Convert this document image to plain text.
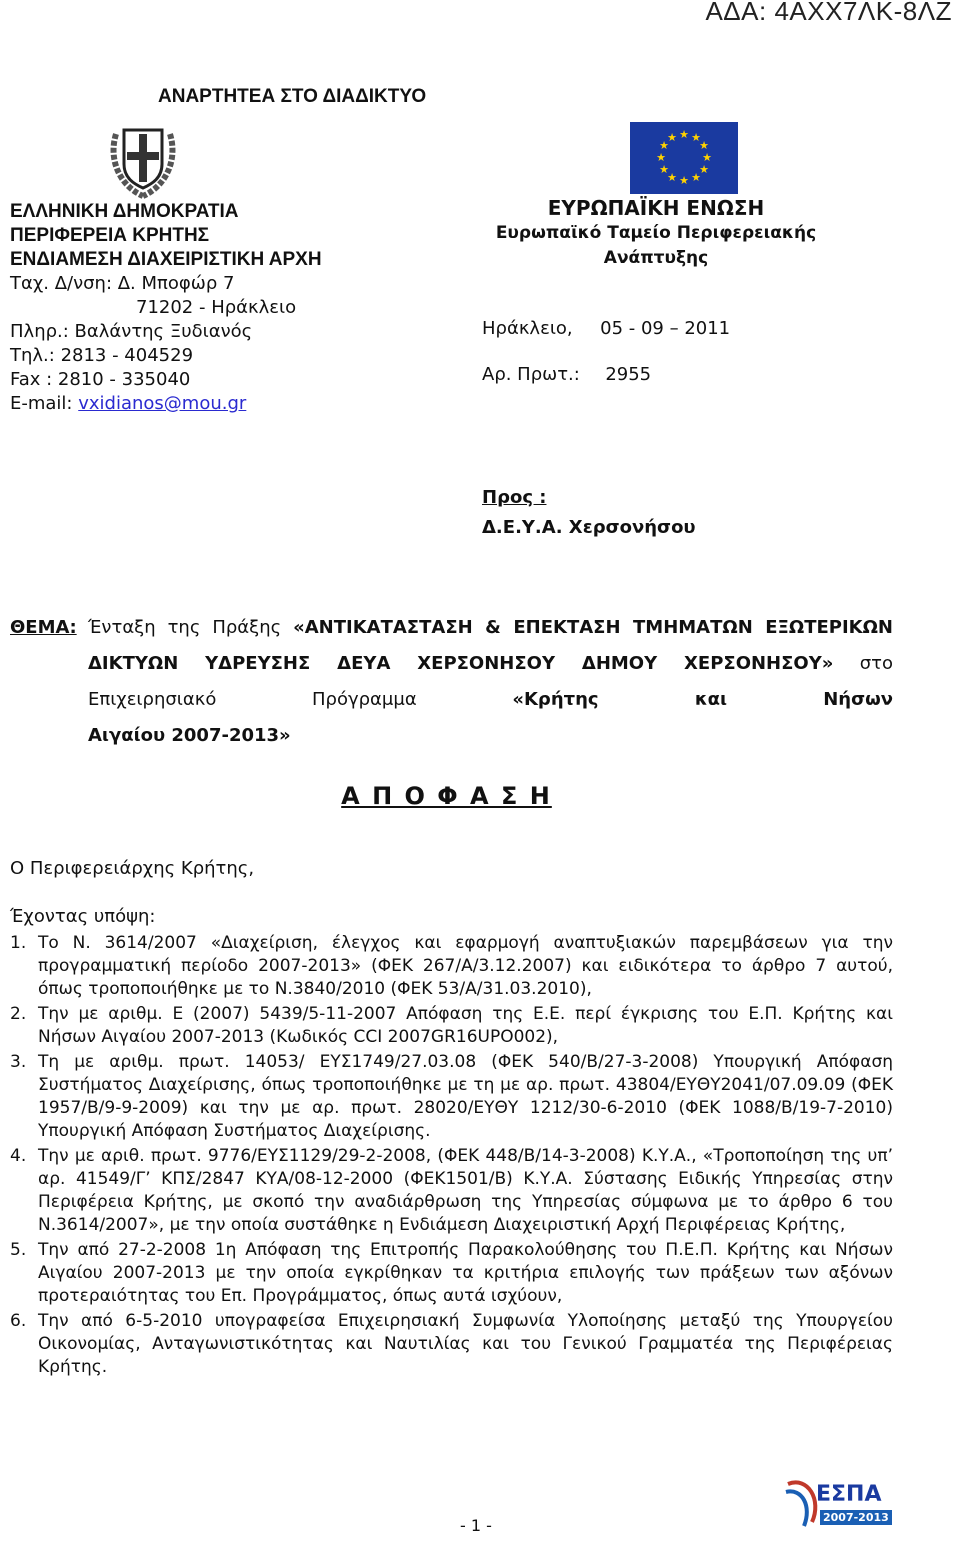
ΑΔΑ: 4ΑΧΧ7ΛΚ-8ΛΖ
ΑΝΑΡΤΗΤΕΑ ΣΤΟ ΔΙΑΔΙΚΤΥΟ
ΕΛΛΗΝΙΚΗ ΔΗΜΟΚΡΑΤΙΑ
ΠΕΡΙΦΕΡΕΙΑ ΚΡΗΤΗΣ
ΕΝΔΙΑΜΕΣΗ ΔΙΑΧΕΙΡΙΣΤΙΚΗ ΑΡΧΗ
Ταχ. Δ/νση: Δ. Μποφώρ 7
71202 - Ηράκλειο
Πληρ.: Βαλάντης Ξυδιανός
Τηλ.: 2813 - 404529
Fax : 2810 - 335040
E-mail: vxidianos@mou.gr
★ ★
★
★
★
★
★
★
★
★
★
★
ΕΥΡΩΠΑΪΚΗ ΕΝΩΣΗ
Ευρωπαϊκό Ταμείο Περιφερειακής
Ανάπτυξης
Ηράκλειο, 05 - 09 – 2011
Αρ. Πρωτ.: 2955
Προς :
Δ.Ε.Υ.Α. Χερσονήσου
ΘΕΜΑ: Ένταξη της Πράξης «ΑΝΤΙΚΑΤΑΣΤΑΣΗ & ΕΠΕΚΤΑΣΗ ΤΜΗΜΑΤΩΝ ΕΞΩΤΕΡΙΚΩΝ ΔΙΚΤΥΩΝ ΥΔΡΕΥΣΗΣ ΔΕΥΑ ΧΕΡΣΟΝΗΣΟΥ ΔΗΜΟΥ ΧΕΡΣΟΝΗΣΟΥ» στο Επιχειρησιακό Πρόγραμμα «Κρήτης και Νήσων
Αιγαίου 2007-2013»
Α Π Ο Φ Α Σ Η
Ο Περιφερειάρχης Κρήτης,
Έχοντας υπόψη:
1. Το Ν. 3614/2007 «Διαχείριση, έλεγχος και εφαρμογή αναπτυξιακών παρεμβάσεων για την προγραμματική περίοδο 2007-2013» (ΦΕΚ 267/Α/3.12.2007) και ειδικότερα το άρθρο 7 αυτού, όπως τροποποιήθηκε με το Ν.3840/2010 (ΦΕΚ 53/Α/31.03.2010),
2. Την με αριθμ. Ε (2007) 5439/5-11-2007 Απόφαση της Ε.Ε. περί έγκρισης του Ε.Π. Κρήτης και Νήσων Αιγαίου 2007-2013 (Κωδικός CCI 2007GR16UPO002),
3. Τη με αριθμ. πρωτ. 14053/ ΕΥΣ1749/27.03.08 (ΦΕΚ 540/Β/27-3-2008) Υπουργική Απόφαση Συστήματος Διαχείρισης, όπως τροποποιήθηκε με τη με αρ. πρωτ. 43804/ΕΥΘΥ2041/07.09.09 (ΦΕΚ 1957/Β/9-9-2009) και την με αρ. πρωτ. 28020/ΕΥΘΥ 1212/30-6-2010 (ΦΕΚ 1088/Β/19-7-2010) Υπουργική Απόφαση Συστήματος Διαχείρισης.
4. Την με αριθ. πρωτ. 9776/ΕΥΣ1129/29-2-2008, (ΦΕΚ 448/Β/14-3-2008) Κ.Υ.Α., «Τροποποίηση της υπ’ αρ. 41549/Γ’ ΚΠΣ/2847 ΚΥΑ/08-12-2000 (ΦΕΚ1501/Β) Κ.Υ.Α. Σύστασης Ειδικής Υπηρεσίας στην Περιφέρεια Κρήτης, με σκοπό την αναδιάρθρωση της Υπηρεσίας σύμφωνα με το άρθρο 6 του Ν.3614/2007», με την οποία συστάθηκε η Ενδιάμεση Διαχειριστική Αρχή Περιφέρειας Κρήτης,
5. Την από 27-2-2008 1η Απόφαση της Επιτροπής Παρακολούθησης του Π.Ε.Π. Κρήτης και Νήσων Αιγαίου 2007-2013 με την οποία εγκρίθηκαν τα κριτήρια επιλογής των πράξεων των αξόνων προτεραιότητας του Επ. Προγράμματος, όπως αυτά ισχύουν,
6. Την από 6-5-2010 υπογραφείσα Επιχειρησιακή Συμφωνία Υλοποίησης μεταξύ της Υπουργείου Οικονομίας, Ανταγωνιστικότητας και Ναυτιλίας και του Γενικού Γραμματέα της Περιφέρειας Κρήτης.
- 1 -
ΕΣΠΑ
2007-2013
